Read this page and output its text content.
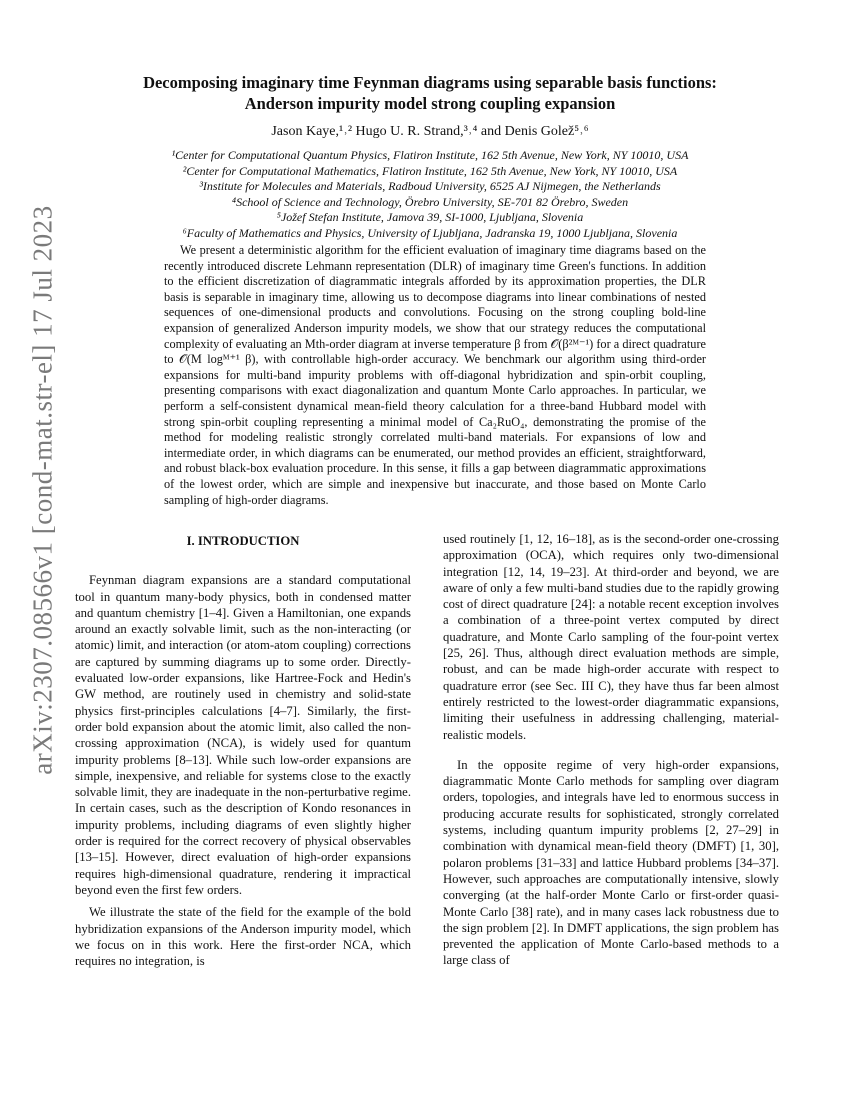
arXiv:2307.08566v1 [cond-mat.str-el] 17 Jul 2023
Decomposing imaginary time Feynman diagrams using separable basis functions:
Anderson impurity model strong coupling expansion
Jason Kaye,¹˒² Hugo U. R. Strand,³˒⁴ and Denis Golež⁵˒⁶
¹Center for Computational Quantum Physics, Flatiron Institute, 162 5th Avenue, New York, NY 10010, USA
²Center for Computational Mathematics, Flatiron Institute, 162 5th Avenue, New York, NY 10010, USA
³Institute for Molecules and Materials, Radboud University, 6525 AJ Nijmegen, the Netherlands
⁴School of Science and Technology, Örebro University, SE-701 82 Örebro, Sweden
⁵Jožef Stefan Institute, Jamova 39, SI-1000, Ljubljana, Slovenia
⁶Faculty of Mathematics and Physics, University of Ljubljana, Jadranska 19, 1000 Ljubljana, Slovenia
We present a deterministic algorithm for the efficient evaluation of imaginary time diagrams based on the recently introduced discrete Lehmann representation (DLR) of imaginary time Green's functions. In addition to the efficient discretization of diagrammatic integrals afforded by its approximation properties, the DLR basis is separable in imaginary time, allowing us to decompose diagrams into linear combinations of nested sequences of one-dimensional products and convolutions. Focusing on the strong coupling bold-line expansion of generalized Anderson impurity models, we show that our strategy reduces the computational complexity of evaluating an Mth-order diagram at inverse temperature β from 𝒪(β²ᴹ⁻¹) for a direct quadrature to 𝒪(M logᴹ⁺¹ β), with controllable high-order accuracy. We benchmark our algorithm using third-order expansions for multi-band impurity problems with off-diagonal hybridization and spin-orbit coupling, presenting comparisons with exact diagonalization and quantum Monte Carlo approaches. In particular, we perform a self-consistent dynamical mean-field theory calculation for a three-band Hubbard model with strong spin-orbit coupling representing a minimal model of Ca₂RuO₄, demonstrating the promise of the method for modeling realistic strongly correlated multi-band materials. For expansions of low and intermediate order, in which diagrams can be enumerated, our method provides an efficient, straightforward, and robust black-box evaluation procedure. In this sense, it fills a gap between diagrammatic approximations of the lowest order, which are simple and inexpensive but inaccurate, and those based on Monte Carlo sampling of high-order diagrams.
I. INTRODUCTION

Feynman diagram expansions are a standard computational tool in quantum many-body physics, both in condensed matter and quantum chemistry [1–4]. Given a Hamiltonian, one expands around an exactly solvable limit, such as the non-interacting (or atomic) limit, and interaction (or atom-atom coupling) corrections are captured by summing diagrams up to some order. Directly-evaluated low-order expansions, like Hartree-Fock and Hedin's GW method, are routinely used in chemistry and solid-state physics first-principles calculations [4–7]. Similarly, the first-order bold expansion about the atomic limit, also called the non-crossing approximation (NCA), is widely used for quantum impurity problems [8–13]. While such low-order expansions are simple, inexpensive, and reliable for systems close to the exactly solvable limit, they are inadequate in the non-perturbative regime. In certain cases, such as the description of Kondo resonances in impurity problems, including diagrams of even slightly higher order is required for the correct recovery of physical observables [13–15]. However, direct evaluation of high-order expansions requires high-dimensional quadrature, rendering it impractical beyond even the first few orders.

We illustrate the state of the field for the example of the bold hybridization expansions of the Anderson impurity model, which we focus on in this work. Here the first-order NCA, which requires no integration, is

used routinely [1, 12, 16–18], as is the second-order one-crossing approximation (OCA), which requires only two-dimensional integration [12, 14, 19–23]. At third-order and beyond, we are aware of only a few multi-band studies due to the rapidly growing cost of direct quadrature [24]: a notable recent exception involves a combination of a three-point vertex computed by direct quadrature, and Monte Carlo sampling of the four-point vertex [25, 26]. Thus, although direct evaluation methods are simple, robust, and can be made high-order accurate with respect to quadrature error (see Sec. III C), they have thus far been almost entirely restricted to the lowest-order diagrammatic expansions, limiting their usefulness in addressing challenging, material-realistic models.

In the opposite regime of very high-order expansions, diagrammatic Monte Carlo methods for sampling over diagram orders, topologies, and integrals have led to enormous success in producing accurate results for sophisticated, strongly correlated systems, including quantum impurity problems [2, 27–29] in combination with dynamical mean-field theory (DMFT) [1, 30], polaron problems [31–33] and lattice Hubbard problems [34–37]. However, such approaches are computationally intensive, slowly converging (at the half-order Monte Carlo or first-order quasi-Monte Carlo [38] rate), and in many cases lack robustness due to the sign problem [2]. In DMFT applications, the sign problem has prevented the application of Monte Carlo-based methods to a large class of
